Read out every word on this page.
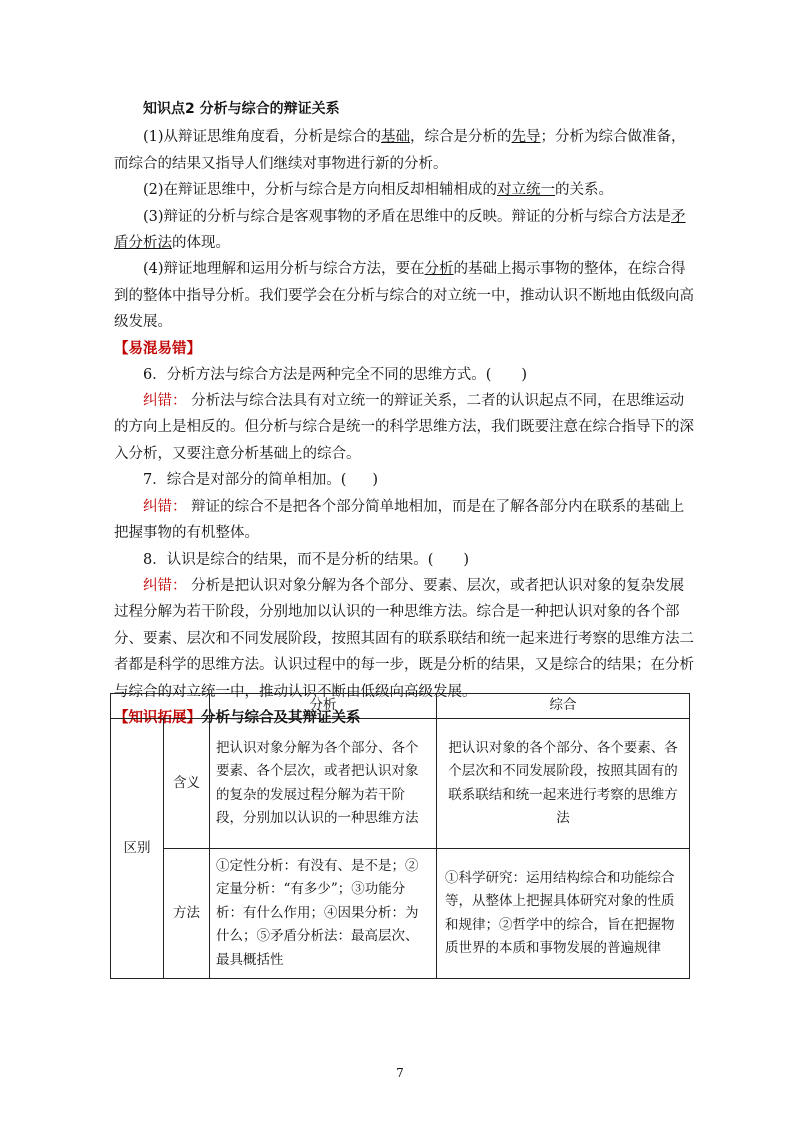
知识点2 分析与综合的辩证关系

(1)从辩证思维角度看，分析是综合的基础，综合是分析的先导；分析为综合做准备，而综合的结果又指导人们继续对事物进行新的分析。

(2)在辩证思维中，分析与综合是方向相反却相辅相成的对立统一的关系。

(3)辩证的分析与综合是客观事物的矛盾在思维中的反映。辩证的分析与综合方法是矛盾分析法的体现。

(4)辩证地理解和运用分析与综合方法，要在分析的基础上揭示事物的整体，在综合得到的整体中指导分析。我们要学会在分析与综合的对立统一中，推动认识不断地由低级向高级发展。

【易混易错】

6．分析方法与综合方法是两种完全不同的思维方式。( )

纠错： 分析法与综合法具有对立统一的辩证关系，二者的认识起点不同，在思维运动的方向上是相反的。但分析与综合是统一的科学思维方法，我们既要注意在综合指导下的深入分析，又要注意分析基础上的综合。

7．综合是对部分的简单相加。( )

纠错： 辩证的综合不是把各个部分简单地相加，而是在了解各部分内在联系的基础上把握事物的有机整体。

8．认识是综合的结果，而不是分析的结果。( )

纠错： 分析是把认识对象分解为各个部分、要素、层次，或者把认识对象的复杂发展过程分解为若干阶段，分别地加以认识的一种思维方法。综合是一种把认识对象的各个部分、要素、层次和不同发展阶段，按照其固有的联系联结和统一起来进行考察的思维方法二者都是科学的思维方法。认识过程中的每一步，既是分析的结果，又是综合的结果；在分析与综合的对立统一中，推动认识不断由低级向高级发展。

【知识拓展】分析与综合及其辩证关系

		分析	综合
区别	含义	把认识对象分解为各个部分、各个要素、各个层次，或者把认识对象的复杂的发展过程分解为若干阶段，分别加以认识的一种思维方法	把认识对象的各个部分、各个要素、各个层次和不同发展阶段，按照其固有的联系联结和统一起来进行考察的思维方法
	方法	①定性分析：有没有、是不是；②定量分析：“有多少”；③功能分析：有什么作用；④因果分析：为什么；⑤矛盾分析法：最高层次、最具概括性	①科学研究：运用结构综合和功能综合等，从整体上把握具体研究对象的性质和规律；②哲学中的综合，旨在把握物质世界的本质和事物发展的普遍规律
7
